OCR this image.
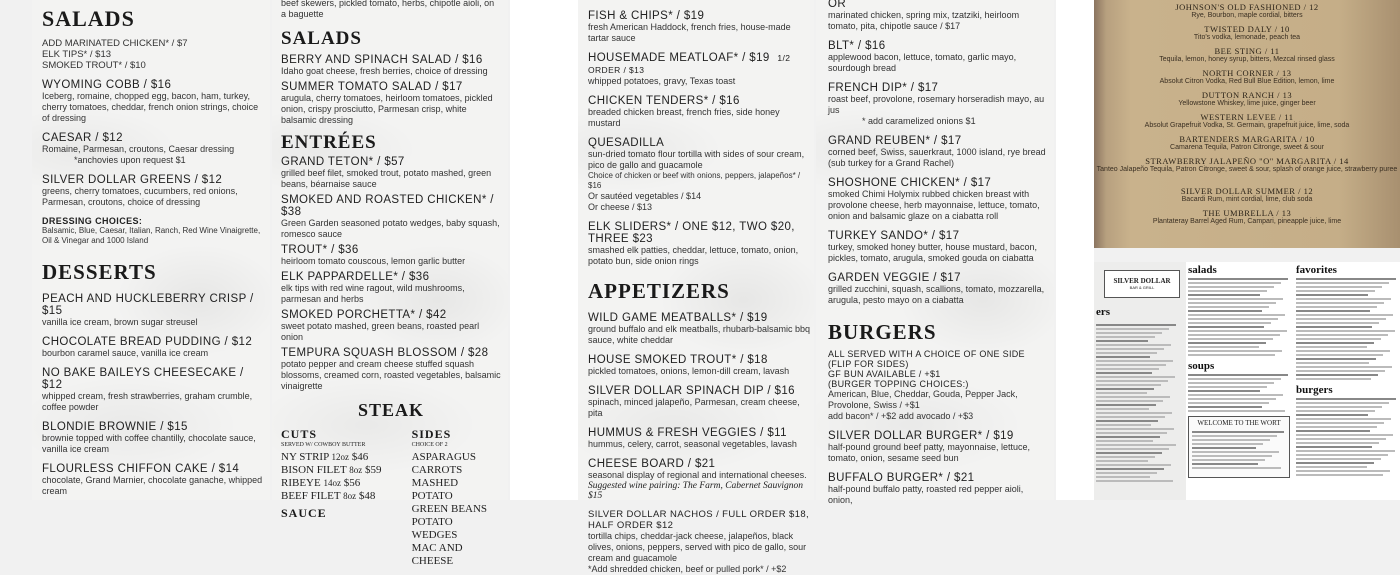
SALADS
ADD MARINATED CHICKEN* / $7
ELK TIPS* / $13
SMOKED TROUT* / $10
WYOMING COBB / $16
Iceberg, romaine, chopped egg, bacon, ham, turkey, cherry tomatoes, cheddar, french onion strings, choice of dressing
CAESAR / $12
Romaine, Parmesan, croutons, Caesar dressing
*anchovies upon request $1
SILVER DOLLAR GREENS / $12
greens, cherry tomatoes, cucumbers, red onions, Parmesan, croutons, choice of dressing
DRESSING CHOICES:
Balsamic, Blue, Caesar, Italian, Ranch, Red Wine Vinaigrette, Oil & Vinegar and 1000 Island
DESSERTS
PEACH AND HUCKLEBERRY CRISP / $15
vanilla ice cream, brown sugar streusel
CHOCOLATE BREAD PUDDING / $12
bourbon caramel sauce, vanilla ice cream
NO BAKE BAILEYS CHEESECAKE / $12
whipped cream, fresh strawberries, graham crumble, coffee powder
BLONDIE BROWNIE / $15
brownie topped with coffee chantilly, chocolate sauce, vanilla ice cream
FLOURLESS CHIFFON CAKE / $14
chocolate, Grand Marnier, chocolate ganache, whipped cream
beef skewers, pickled tomato, herbs, chipotle aioli, on a baguette
SALADS
BERRY AND SPINACH SALAD / $16
Idaho goat cheese, fresh berries, choice of dressing
SUMMER TOMATO SALAD / $17
arugula, cherry tomatoes, heirloom tomatoes, pickled onion, crispy prosciutto, Parmesan crisp, white balsamic dressing
ENTRÉES
GRAND TETON* / $57
grilled beef filet, smoked trout, potato mashed, green beans, béarnaise sauce
SMOKED AND ROASTED CHICKEN* / $38
Green Garden seasoned potato wedges, baby squash, romesco sauce
TROUT* / $36
heirloom tomato couscous, lemon garlic butter
ELK PAPPARDELLE* / $36
elk tips with red wine ragout, wild mushrooms, parmesan and herbs
SMOKED PORCHETTA* / $42
sweet potato mashed, green beans, roasted pearl onion
TEMPURA SQUASH BLOSSOM / $28
potato pepper and cream cheese stuffed squash blossoms, creamed corn, roasted vegetables, balsamic vinaigrette
STEAK
CUTS
SERVED W/ COWBOY BUTTER
NY STRIP 12oz $46
BISON FILET 8oz $59
RIBEYE 14oz $56
BEEF FILET 8oz $48
SAUCE
SIDES
CHOICE OF 2
ASPARAGUS
CARROTS
MASHED POTATO
GREEN BEANS
POTATO WEDGES
MAC AND CHEESE
FISH & CHIPS* / $19
fresh American Haddock, french fries, house-made tartar sauce
HOUSEMADE MEATLOAF* / $19 1/2 ORDER / $13
whipped potatoes, gravy, Texas toast
CHICKEN TENDERS* / $16
breaded chicken breast, french fries, side honey mustard
QUESADILLA
sun-dried tomato flour tortilla with sides of sour cream, pico de gallo and guacamole
Choice of chicken or beef with onions, peppers, jalapeños* / $16
Or sautéed vegetables / $14
Or cheese / $13
ELK SLIDERS* / ONE $12, TWO $20, THREE $23
smashed elk patties, cheddar, lettuce, tomato, onion, potato bun, side onion rings
APPETIZERS
WILD GAME MEATBALLS* / $19
ground buffalo and elk meatballs, rhubarb-balsamic bbq sauce, white cheddar
HOUSE SMOKED TROUT* / $18
pickled tomatoes, onions, lemon-dill cream, lavash
SILVER DOLLAR SPINACH DIP / $16
spinach, minced jalapeño, Parmesan, cream cheese, pita
HUMMUS & FRESH VEGGIES / $11
hummus, celery, carrot, seasonal vegetables, lavash
CHEESE BOARD / $21
seasonal display of regional and international cheeses.
Suggested wine pairing: The Farm, Cabernet Sauvignon $15
SILVER DOLLAR NACHOS / FULL ORDER $18, HALF ORDER $12
tortilla chips, cheddar-jack cheese, jalapeños, black olives, onions, peppers, served with pico de gallo, sour cream and guacamole
*Add shredded chicken, beef or pulled pork* / +$2
OR
marinated chicken, spring mix, tzatziki, heirloom tomato, pita, chipotle sauce / $17
BLT* / $16
applewood bacon, lettuce, tomato, garlic mayo, sourdough bread
FRENCH DIP* / $17
roast beef, provolone, rosemary horseradish mayo, au jus
* add caramelized onions $1
GRAND REUBEN* / $17
corned beef, Swiss, sauerkraut, 1000 island, rye bread (sub turkey for a Grand Rachel)
SHOSHONE CHICKEN* / $17
smoked Chimi Holymix rubbed chicken breast with provolone cheese, herb mayonnaise, lettuce, tomato, onion and balsamic glaze on a ciabatta roll
TURKEY SANDO* / $17
turkey, smoked honey butter, house mustard, bacon, pickles, tomato, arugula, smoked gouda on ciabatta
GARDEN VEGGIE / $17
grilled zucchini, squash, scallions, tomato, mozzarella, arugula, pesto mayo on a ciabatta
BURGERS
ALL SERVED WITH A CHOICE OF ONE SIDE (FLIP FOR SIDES)
GF BUN AVAILABLE / +$1
(BURGER TOPPING CHOICES:)
American, Blue, Cheddar, Gouda, Pepper Jack, Provolone, Swiss / +$1
add bacon* / +$2 add avocado / +$3
SILVER DOLLAR BURGER* / $19
half-pound ground beef patty, mayonnaise, lettuce, tomato, onion, sesame seed bun
BUFFALO BURGER* / $21
half-pound buffalo patty, roasted red pepper aioli, onion,
JOHNSON'S OLD FASHIONED / 12
Rye, Bourbon, maple cordial, bitters
TWISTED DALY / 10
Tito's vodka, lemonade, peach tea
BEE STING / 11
Tequila, lemon, honey syrup, bitters, Mezcal rinsed glass
NORTH CORNER / 13
Absolut Citron Vodka, Red Bull Blue Edition, lemon, lime
DUTTON RANCH / 13
Yellowstone Whiskey, lime juice, ginger beer
WESTERN LEVEE / 11
Absolut Grapefruit Vodka, St. Germain, grapefruit juice, lime, soda
BARTENDERS MARGARITA / 10
Camarena Tequila, Patron Citronge, sweet & sour
STRAWBERRY JALAPEÑO "O" MARGARITA / 14
Tanteo Jalapeño Tequila, Patron Citronge, sweet & sour, splash of orange juice, strawberry puree
SILVER DOLLAR SUMMER / 12
Bacardi Rum, mint cordial, lime, club soda
THE UMBRELLA / 13
Plantateray Barrel Aged Rum, Campari, pineapple juice, lime
SILVER DOLLAR
BAR & GRILL
ers
salads
soups
WELCOME TO THE WORT
favorites
burgers
